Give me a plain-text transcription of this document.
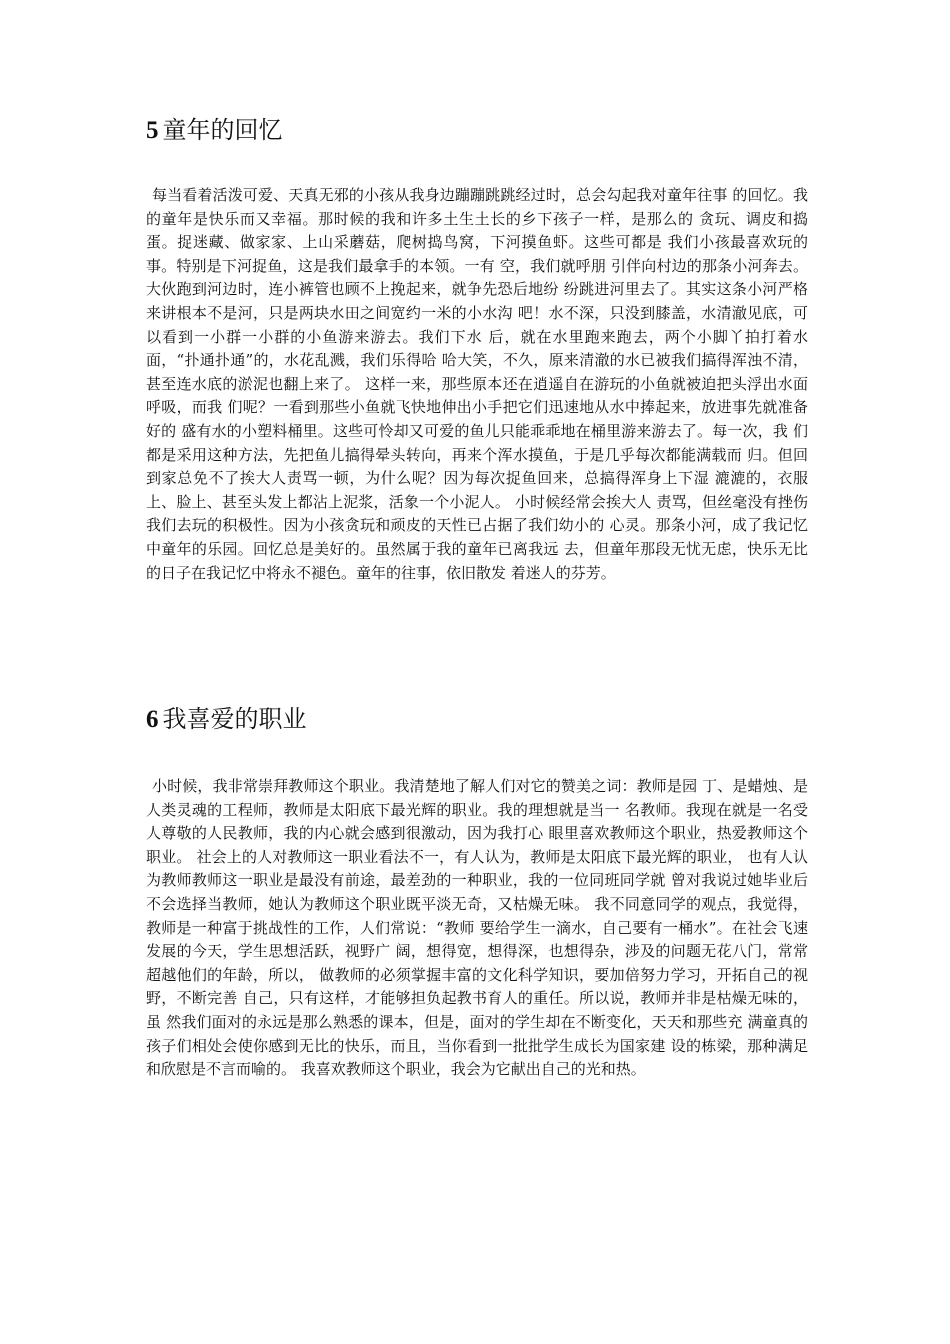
5 童年的回忆

每当看着活泼可爱、天真无邪的小孩从我身边蹦蹦跳跳经过时，总会勾起我对童年往事 的回忆。我的童年是快乐而又幸福。那时候的我和许多土生土长的乡下孩子一样，是那么的 贪玩、调皮和捣蛋。捉迷藏、做家家、上山采蘑菇，爬树捣鸟窝，下河摸鱼虾。这些可都是 我们小孩最喜欢玩的事。特别是下河捉鱼，这是我们最拿手的本领。一有 空，我们就呼朋 引伴向村边的那条小河奔去。大伙跑到河边时，连小裤管也顾不上挽起来，就争先恐后地纷 纷跳进河里去了。其实这条小河严格来讲根本不是河，只是两块水田之间宽约一米的小水沟 吧！水不深，只没到膝盖，水清澈见底，可以看到一小群一小群的小鱼游来游去。我们下水 后，就在水里跑来跑去，两个小脚丫拍打着水面，“扑通扑通”的，水花乱溅，我们乐得哈 哈大笑，不久，原来清澈的水已被我们搞得浑浊不清，甚至连水底的淤泥也翻上来了。 这样一来，那些原本还在逍遥自在游玩的小鱼就被迫把头浮出水面呼吸，而我 们呢？一看到那些小鱼就飞快地伸出小手把它们迅速地从水中捧起来，放进事先就准备好的 盛有水的小塑料桶里。这些可怜却又可爱的鱼儿只能乖乖地在桶里游来游去了。每一次，我 们都是采用这种方法，先把鱼儿搞得晕头转向，再来个浑水摸鱼，于是几乎每次都能满载而 归。但回到家总免不了挨大人责骂一顿，为什么呢？因为每次捉鱼回来，总搞得浑身上下湿 漉漉的，衣服上、脸上、甚至头发上都沾上泥浆，活象一个小泥人。 小时候经常会挨大人 责骂，但丝毫没有挫伤我们去玩的积极性。因为小孩贪玩和顽皮的天性已占据了我们幼小的 心灵。那条小河，成了我记忆中童年的乐园。回忆总是美好的。虽然属于我的童年已离我远 去，但童年那段无忧无虑，快乐无比的日子在我记忆中将永不褪色。童年的往事，依旧散发 着迷人的芬芳。

6 我喜爱的职业

小时候，我非常崇拜教师这个职业。我清楚地了解人们对它的赞美之词：教师是园 丁、是蜡烛、是人类灵魂的工程师，教师是太阳底下最光辉的职业。我的理想就是当一 名教师。我现在就是一名受人尊敬的人民教师，我的内心就会感到很激动，因为我打心 眼里喜欢教师这个职业，热爱教师这个职业。 社会上的人对教师这一职业看法不一，有人认为，教师是太阳底下最光辉的职业， 也有人认为教师教师这一职业是最没有前途，最差劲的一种职业，我的一位同班同学就 曾对我说过她毕业后不会选择当教师，她认为教师这个职业既平淡无奇，又枯燥无味。 我不同意同学的观点，我觉得，教师是一种富于挑战性的工作，人们常说：“教师 要给学生一滴水，自己要有一桶水”。在社会飞速发展的今天，学生思想活跃，视野广 阔，想得宽，想得深，也想得杂，涉及的问题无花八门，常常超越他们的年龄，所以， 做教师的必须掌握丰富的文化科学知识，要加倍努力学习，开拓自己的视野，不断完善 自己，只有这样，才能够担负起教书育人的重任。所以说，教师并非是枯燥无味的，虽 然我们面对的永远是那么熟悉的课本，但是，面对的学生却在不断变化，天天和那些充 满童真的孩子们相处会使你感到无比的快乐，而且，当你看到一批批学生成长为国家建 设的栋梁，那种满足和欣慰是不言而喻的。 我喜欢教师这个职业，我会为它献出自己的光和热。
